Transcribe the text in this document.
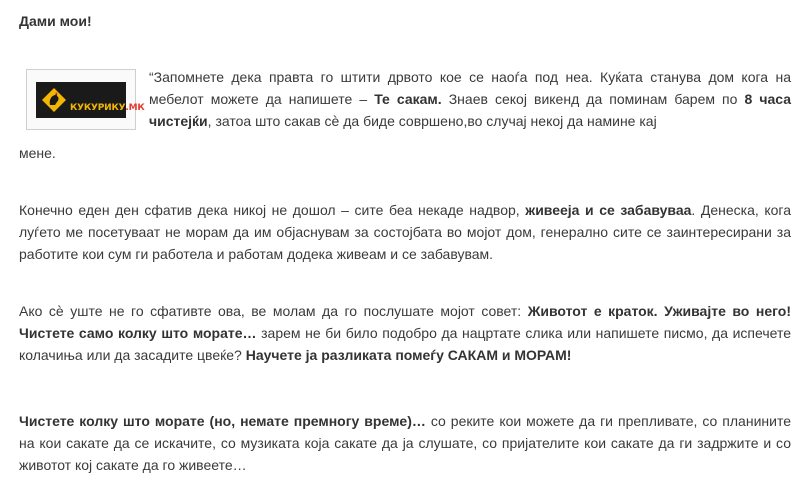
Дами мои!
КУКУРИКУ.МК

“Запомнете дека правта го штити дрвото кое се наоѓа под неа. Куќата станува дом кога на мебелот можете да напишете – Те сакам. Знаев секој викенд да поминам барем по 8 часа чистејќи, затоа што сакав сѐ да биде совршено,во случај некој да намине кај

мене.

Конечно еден ден сфатив дека никој не дошол – сите беа некаде надвор, живееја и се забавуваа. Денеска, кога луѓето ме посетуваат не морам да им објаснувам за состојбата во мојот дом, генерално сите се заинтересирани за работите кои сум ги работела и работам додека живеам и се забавувам.

Ако сѐ уште не го сфативте ова, ве молам да го послушате мојот совет: Животот е краток. Уживајте во него! Чистете само колку што морате… зарем не би било подобро да нацртате слика или напишете писмо, да испечете колачиња или да засадите цвеќе? Научете ја разликата помеѓу САКАМ и МОРАМ!

Чистете колку што морате (но, немате премногу време)… со реките кои можете да ги препливате, со планините на кои сакате да се искачите, со музиката која сакате да ја слушате, со пријателите кои сакате да ги задржите и со животот кој сакате да го живеете…
